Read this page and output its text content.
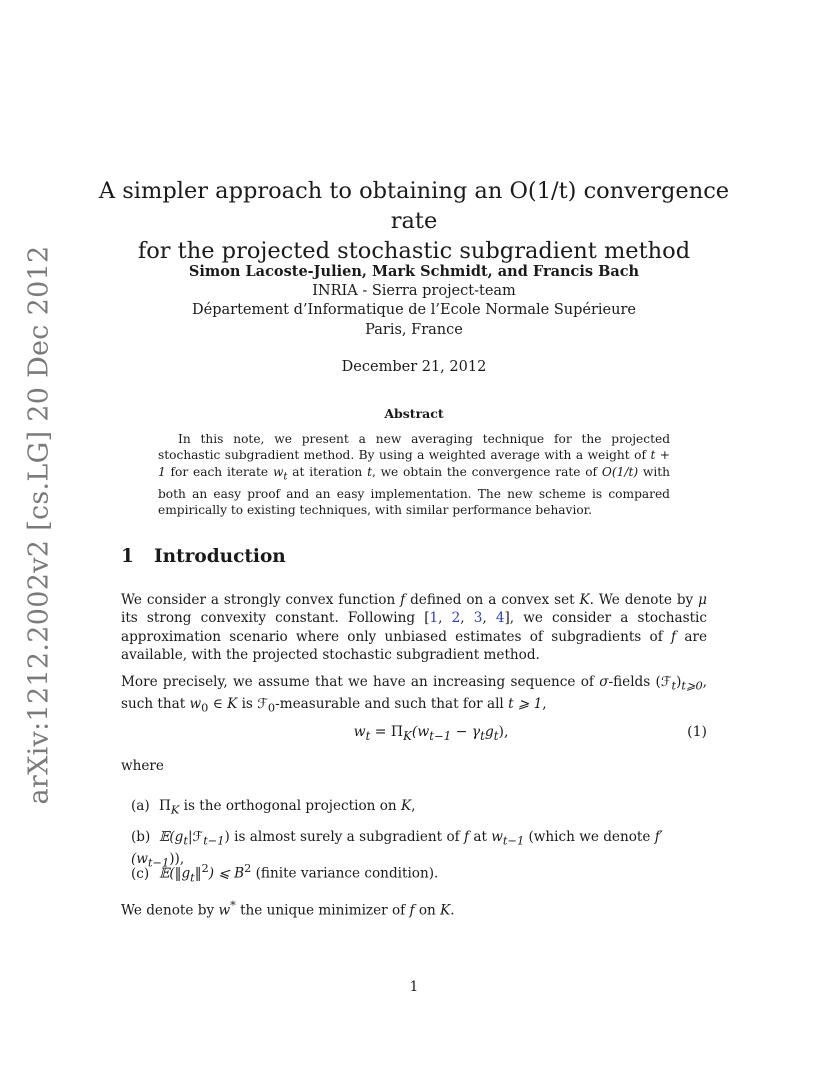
arXiv:1212.2002v2 [cs.LG] 20 Dec 2012
A simpler approach to obtaining an O(1/t) convergence rate
for the projected stochastic subgradient method
Simon Lacoste-Julien, Mark Schmidt, and Francis Bach
INRIA - Sierra project-team
Département d’Informatique de l’Ecole Normale Supérieure
Paris, France
December 21, 2012
Abstract

In this note, we present a new averaging technique for the projected stochastic subgradient method. By using a weighted average with a weight of t + 1 for each iterate $w_t$ at iteration t, we obtain the convergence rate of O(1/t) with both an easy proof and an easy implementation. The new scheme is compared empirically to existing techniques, with similar performance behavior.

1 Introduction

We consider a strongly convex function f defined on a convex set K. We denote by μ its strong convexity constant. Following [1, 2, 3, 4], we consider a stochastic approximation scenario where only unbiased estimates of subgradients of f are available, with the projected stochastic subgradient method.

More precisely, we assume that we have an increasing sequence of σ-fields $(ℱ_t)_{t⩾0}$, such that $w_0$ ∈ K is ℱ$_0$-measurable and such that for all t ⩾ 1,

$w_t = \Pi_K(w_{t-1} - \gamma_tg_t)$,	(1)
where
(a) $\Pi_K$ is the orthogonal projection on K,
(b) $𝔼(g_t|ℱ_{t-1})$ is almost surely a subgradient of f at $w_{t-1}$ (which we denote $f'(w_{t-1})$),
(c) $𝔼(‖g_t‖^2)$ ⩽ $B^2$ (finite variance condition).
We denote by w* the unique minimizer of f on K.
1
